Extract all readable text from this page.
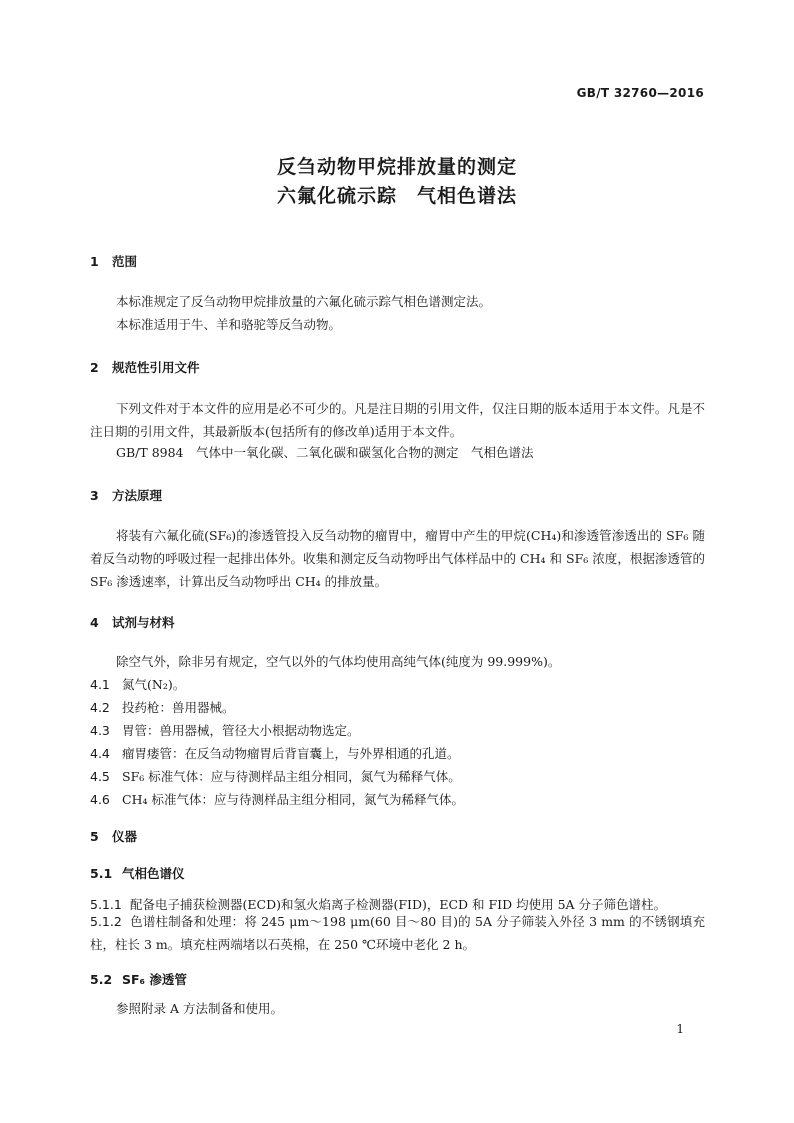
GB/T 32760—2016
反刍动物甲烷排放量的测定
六氟化硫示踪　气相色谱法
1 范围
本标准规定了反刍动物甲烷排放量的六氟化硫示踪气相色谱测定法。
本标准适用于牛、羊和骆驼等反刍动物。
2 规范性引用文件
下列文件对于本文件的应用是必不可少的。凡是注日期的引用文件，仅注日期的版本适用于本文件。凡是不注日期的引用文件，其最新版本(包括所有的修改单)适用于本文件。
GB/T 8984　气体中一氧化碳、二氧化碳和碳氢化合物的测定　气相色谱法
3 方法原理
将装有六氟化硫(SF₆)的渗透管投入反刍动物的瘤胃中，瘤胃中产生的甲烷(CH₄)和渗透管渗透出的 SF₆ 随着反刍动物的呼吸过程一起排出体外。收集和测定反刍动物呼出气体样品中的 CH₄ 和 SF₆ 浓度，根据渗透管的 SF₆ 渗透速率，计算出反刍动物呼出 CH₄ 的排放量。
4 试剂与材料
除空气外，除非另有规定，空气以外的气体均使用高纯气体(纯度为 99.999%)。
4.1 氮气(N₂)。
4.2 投药枪：兽用器械。
4.3 胃管：兽用器械，管径大小根据动物选定。
4.4 瘤胃瘘管：在反刍动物瘤胃后背盲囊上，与外界相通的孔道。
4.5 SF₆ 标准气体：应与待测样品主组分相同，氮气为稀释气体。
4.6 CH₄ 标准气体：应与待测样品主组分相同，氮气为稀释气体。
5 仪器
5.1 气相色谱仪
5.1.1 配备电子捕获检测器(ECD)和氢火焰离子检测器(FID)，ECD 和 FID 均使用 5A 分子筛色谱柱。
5.1.2 色谱柱制备和处理：将 245 μm～198 μm(60 目～80 目)的 5A 分子筛装入外径 3 mm 的不锈钢填充柱，柱长 3 m。填充柱两端堵以石英棉，在 250 ℃环境中老化 2 h。
5.2 SF₆ 渗透管
参照附录 A 方法制备和使用。
1
